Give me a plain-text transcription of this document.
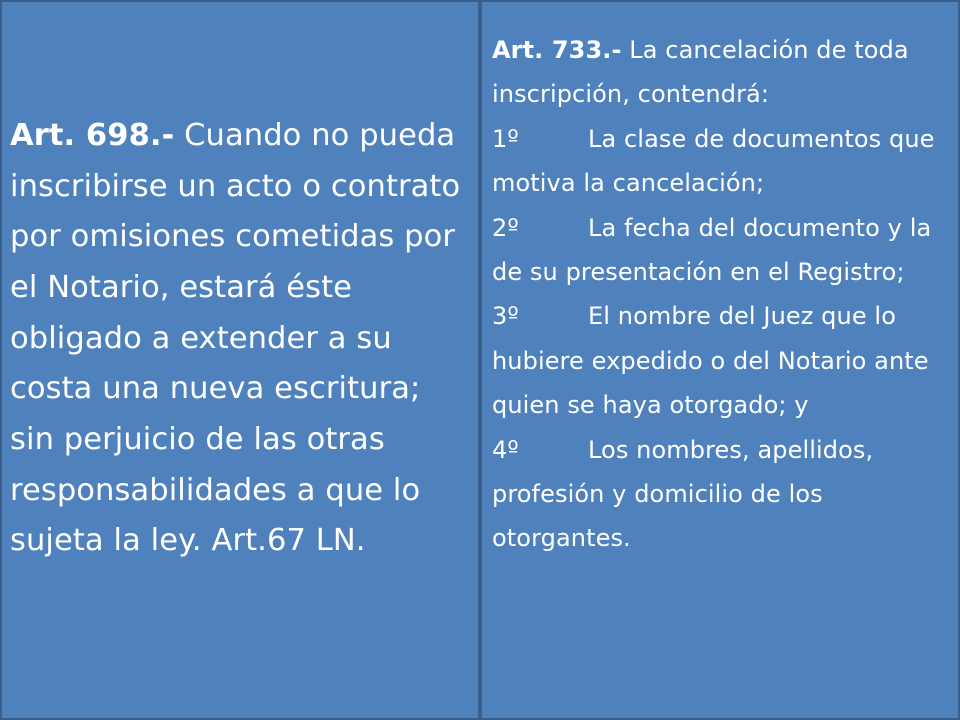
Art. 698.- Cuando no pueda inscribirse un acto o contrato por omisiones cometidas por el Notario, estará éste obligado a extender a su costa una nueva escritura; sin perjuicio de las otras responsabilidades a que lo sujeta la ley. Art.67 LN.

Art. 733.- La cancelación de toda inscripción, contendrá:
1º	La clase de documentos que motiva la cancelación;
2º	La fecha del documento y la de su presentación en el Registro;
3º	El nombre del Juez que lo hubiere expedido o del Notario ante quien se haya otorgado; y
4º	Los nombres, apellidos, profesión y domicilio de los otorgantes.
